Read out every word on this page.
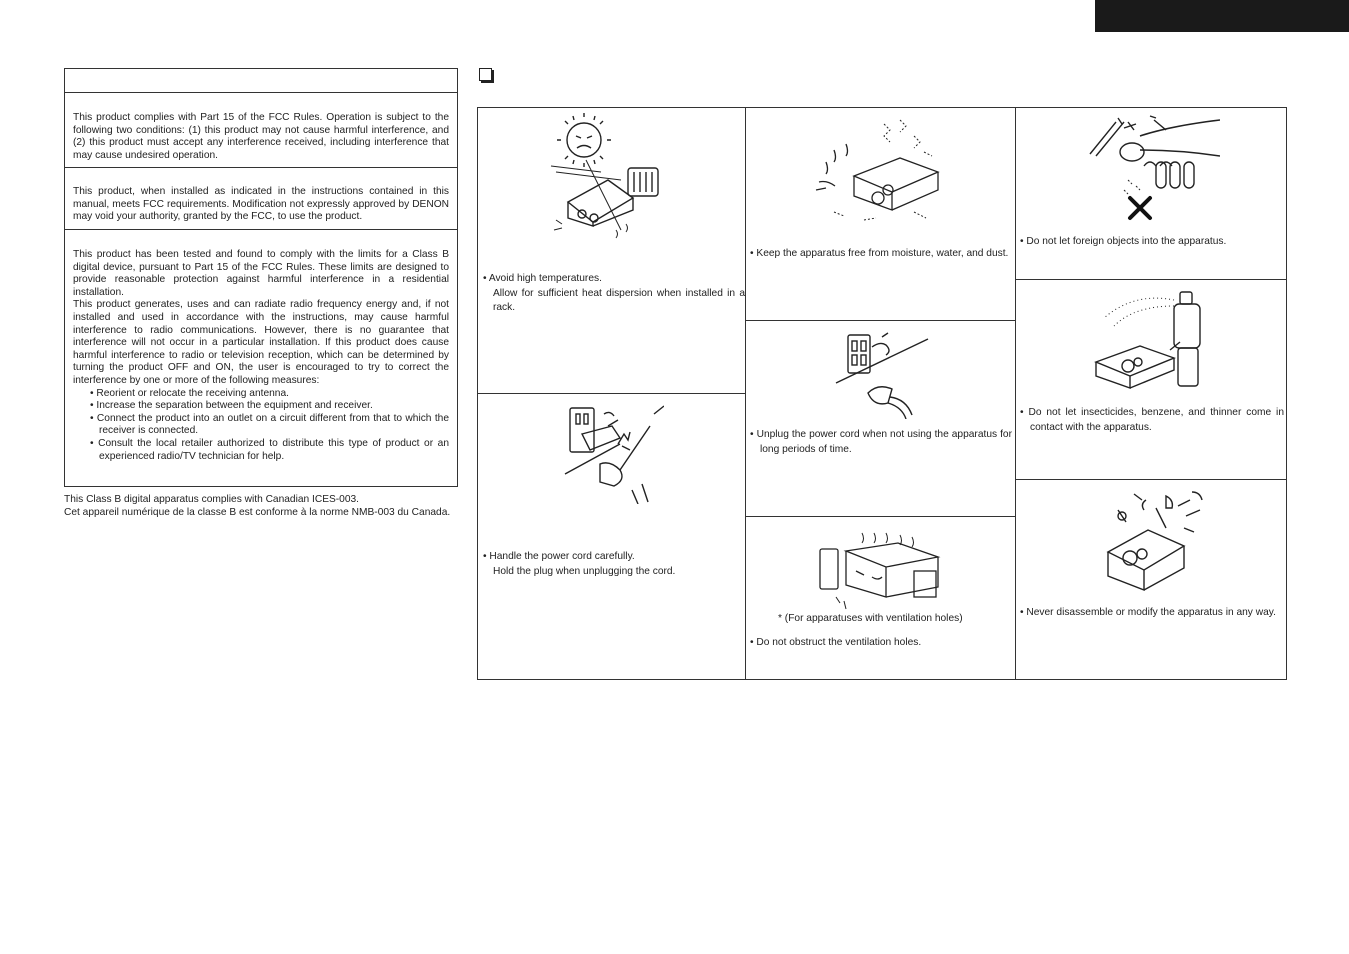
This product complies with Part 15 of the FCC Rules. Operation is subject to the following two conditions: (1) this product may not cause harmful interference, and (2) this product must accept any interference received, including interference that may cause undesired operation.

This product, when installed as indicated in the instructions contained in this manual, meets FCC requirements. Modification not expressly approved by DENON may void your authority, granted by the FCC, to use the product.

This product has been tested and found to comply with the limits for a Class B digital device, pursuant to Part 15 of the FCC Rules. These limits are designed to provide reasonable protection against harmful interference in a residential installation.

This product generates, uses and can radiate radio frequency energy and, if not installed and used in accordance with the instructions, may cause harmful interference to radio communications. However, there is no guarantee that interference will not occur in a particular installation. If this product does cause harmful interference to radio or television reception, which can be determined by turning the product OFF and ON, the user is encouraged to try to correct the interference by one or more of the following measures:

• Reorient or relocate the receiving antenna.
• Increase the separation between the equipment and receiver.
• Connect the product into an outlet on a circuit different from that to which the receiver is connected.
• Consult the local retailer authorized to distribute this type of product or an experienced radio/TV technician for help.

This Class B digital apparatus complies with Canadian ICES-003.

Cet appareil numérique de la classe B est conforme à la norme NMB-003 du Canada.

• Avoid high temperatures.
Allow for sufficient heat dispersion when installed in a rack.
• Handle the power cord carefully.
Hold the plug when unplugging the cord.
• Keep the apparatus free from moisture, water, and dust.
• Unplug the power cord when not using the apparatus for long periods of time.
* (For apparatuses with ventilation holes)
• Do not obstruct the ventilation holes.
• Do not let foreign objects into the apparatus.
• Do not let insecticides, benzene, and thinner come in contact with the apparatus.
• Never disassemble or modify the apparatus in any way.
